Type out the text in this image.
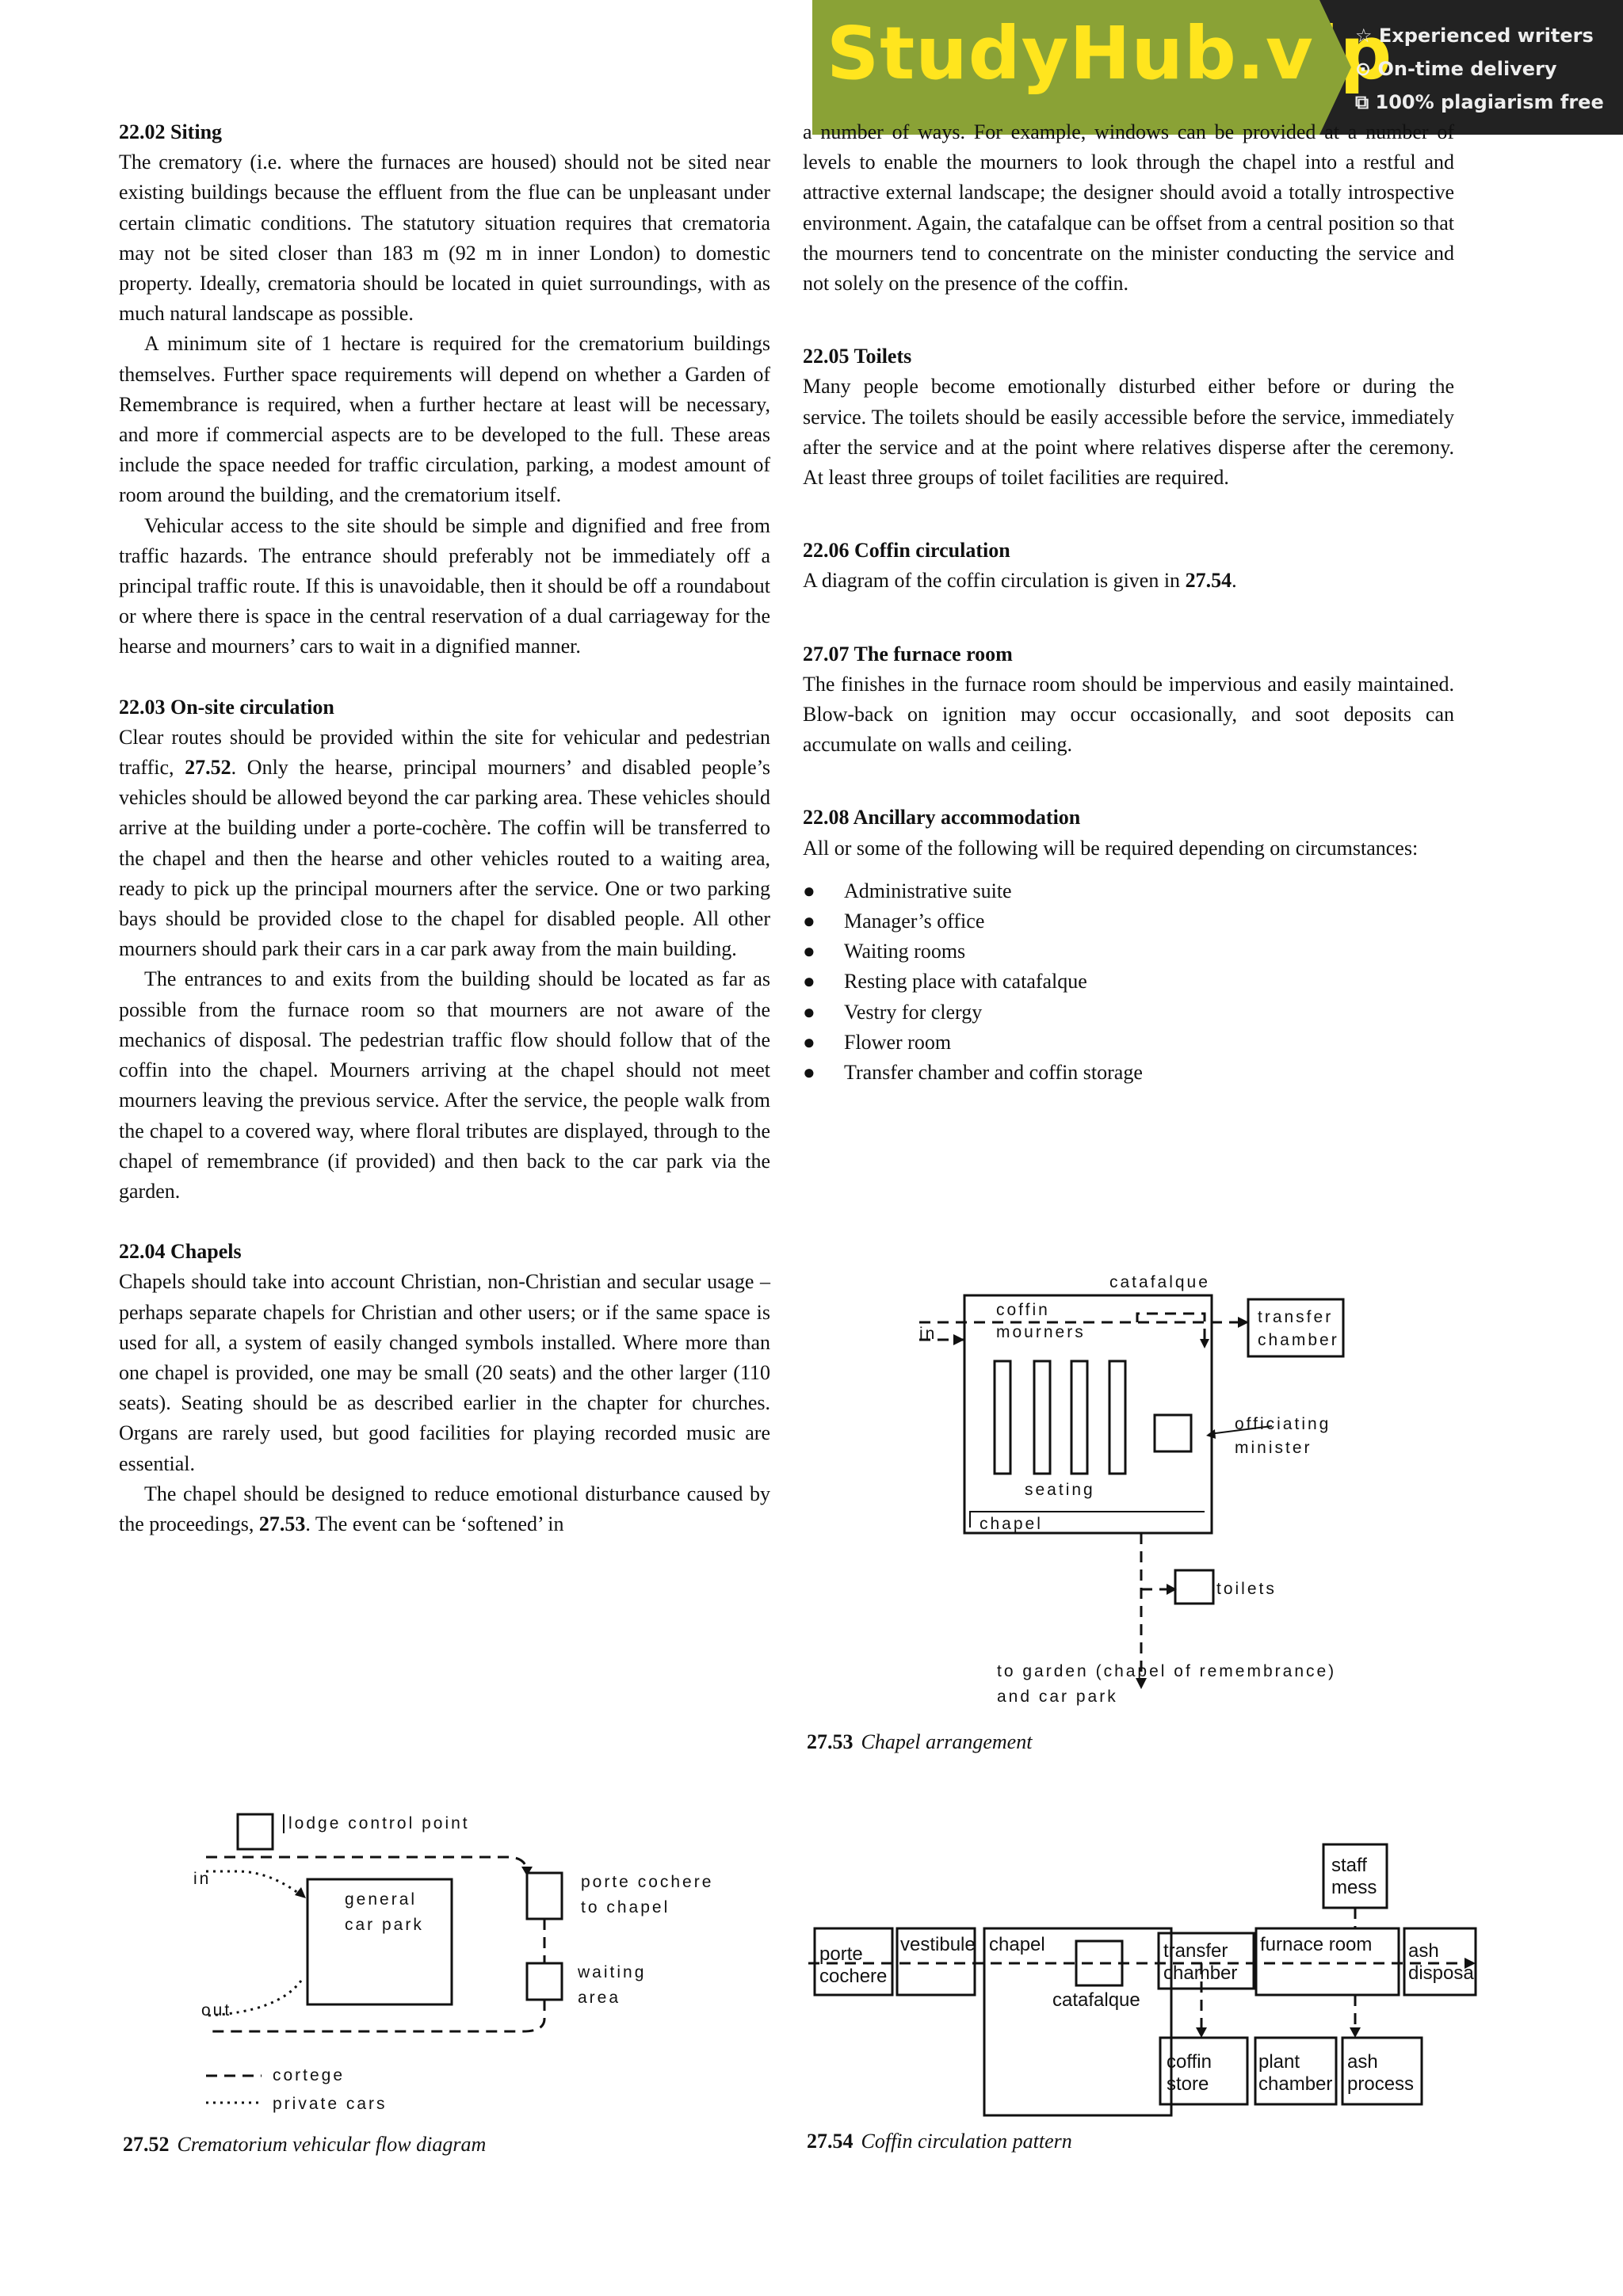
StudyHub.vip
☆ Experienced writers
⊙ On-time delivery
⧉ 100% plagiarism free

22.02 Siting

The crematory (i.e. where the furnaces are housed) should not be sited near existing buildings because the effluent from the flue can be unpleasant under certain climatic conditions. The statutory situation requires that crematoria may not be sited closer than 183 m (92 m in inner London) to domestic property. Ideally, crematoria should be located in quiet surroundings, with as much natural landscape as possible.

A minimum site of 1 hectare is required for the crematorium buildings themselves. Further space requirements will depend on whether a Garden of Remembrance is required, when a further hectare at least will be necessary, and more if commercial aspects are to be developed to the full. These areas include the space needed for traffic circulation, parking, a modest amount of room around the building, and the crematorium itself.

Vehicular access to the site should be simple and dignified and free from traffic hazards. The entrance should preferably not be immediately off a principal traffic route. If this is unavoidable, then it should be off a roundabout or where there is space in the central reservation of a dual carriageway for the hearse and mourners’ cars to wait in a dignified manner.

22.03 On-site circulation

Clear routes should be provided within the site for vehicular and pedestrian traffic, 27.52. Only the hearse, principal mourners’ and disabled people’s vehicles should be allowed beyond the car parking area. These vehicles should arrive at the building under a porte-cochère. The coffin will be transferred to the chapel and then the hearse and other vehicles routed to a waiting area, ready to pick up the principal mourners after the service. One or two parking bays should be provided close to the chapel for disabled people. All other mourners should park their cars in a car park away from the main building.

The entrances to and exits from the building should be located as far as possible from the furnace room so that mourners are not aware of the mechanics of disposal. The pedestrian traffic flow should follow that of the coffin into the chapel. Mourners arriving at the chapel should not meet mourners leaving the previous service. After the service, the people walk from the chapel to a covered way, where floral tributes are displayed, through to the chapel of remembrance (if provided) and then back to the car park via the garden.

22.04 Chapels

Chapels should take into account Christian, non-Christian and secular usage – perhaps separate chapels for Christian and other users; or if the same space is used for all, a system of easily changed symbols installed. Where more than one chapel is provided, one may be small (20 seats) and the other larger (110 seats). Seating should be as described earlier in the chapter for churches. Organs are rarely used, but good facilities for playing recorded music are essential.

The chapel should be designed to reduce emotional disturbance caused by the proceedings, 27.53. The event can be ‘softened’ in

a number of ways. For example, windows can be provided at a number of levels to enable the mourners to look through the chapel into a restful and attractive external landscape; the designer should avoid a totally introspective environment. Again, the catafalque can be offset from a central position so that the mourners tend to concentrate on the minister conducting the service and not solely on the presence of the coffin.

22.05 Toilets

Many people become emotionally disturbed either before or during the service. The toilets should be easily accessible before the service, immediately after the service and at the point where relatives disperse after the ceremony. At least three groups of toilet facilities are required.

22.06 Coffin circulation

A diagram of the coffin circulation is given in 27.54.

27.07 The furnace room

The finishes in the furnace room should be impervious and easily maintained. Blow-back on ignition may occur occasionally, and soot deposits can accumulate on walls and ceiling.

22.08 Ancillary accommodation

All or some of the following will be required depending on circumstances:

● Administrative suite
● Manager’s office
● Waiting rooms
● Resting place with catafalque
● Vestry for clergy
● Flower room
● Transfer chamber and coffin storage
catafalque
coffin
mourners
in
transfer
chamber
officiating
minister
seating
chapel
toilets
to garden (chapel of remembrance)
and car park
27.53 Chapel arrangement
lodge control point
in
out
general
car park
porte cochere
to chapel
waiting
area
cortege
private cars
27.52 Crematorium vehicular flow diagram
porte
cochere
vestibule chapel
catafalque
transfer
chamber
furnace room ash
disposal
staff
mess
coffin
store
plant
chamber
ash
process
27.54 Coffin circulation pattern
